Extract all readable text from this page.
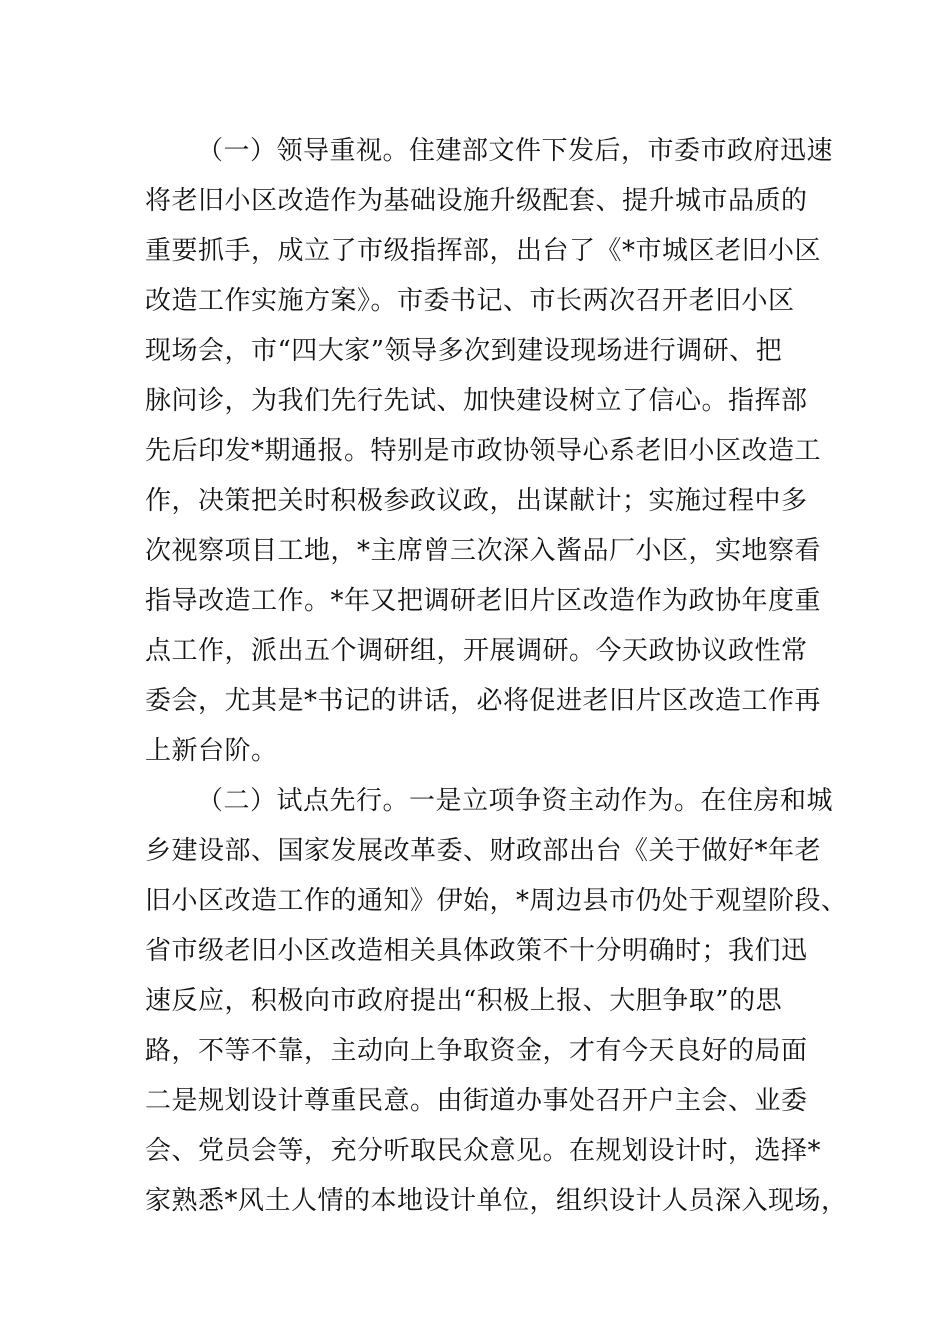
（一）领导重视。住建部文件下发后，市委市政府迅速
将老旧小区改造作为基础设施升级配套、提升城市品质的
重要抓手，成立了市级指挥部，出台了《*市城区老旧小区
改造工作实施方案》。市委书记、市长两次召开老旧小区
现场会，市“四大家”领导多次到建设现场进行调研、把
脉问诊，为我们先行先试、加快建设树立了信心。指挥部
先后印发*期通报。特别是市政协领导心系老旧小区改造工
作，决策把关时积极参政议政，出谋献计；实施过程中多
次视察项目工地，*主席曾三次深入酱品厂小区，实地察看
指导改造工作。*年又把调研老旧片区改造作为政协年度重
点工作，派出五个调研组，开展调研。今天政协议政性常
委会，尤其是*书记的讲话，必将促进老旧片区改造工作再
上新台阶。
（二）试点先行。一是立项争资主动作为。在住房和城
乡建设部、国家发展改革委、财政部出台《关于做好*年老
旧小区改造工作的通知》伊始，*周边县市仍处于观望阶段、
省市级老旧小区改造相关具体政策不十分明确时；我们迅
速反应，积极向市政府提出“积极上报、大胆争取”的思
路，不等不靠，主动向上争取资金，才有今天良好的局面
二是规划设计尊重民意。由街道办事处召开户主会、业委
会、党员会等，充分听取民众意见。在规划设计时，选择*
家熟悉*风土人情的本地设计单位，组织设计人员深入现场，
